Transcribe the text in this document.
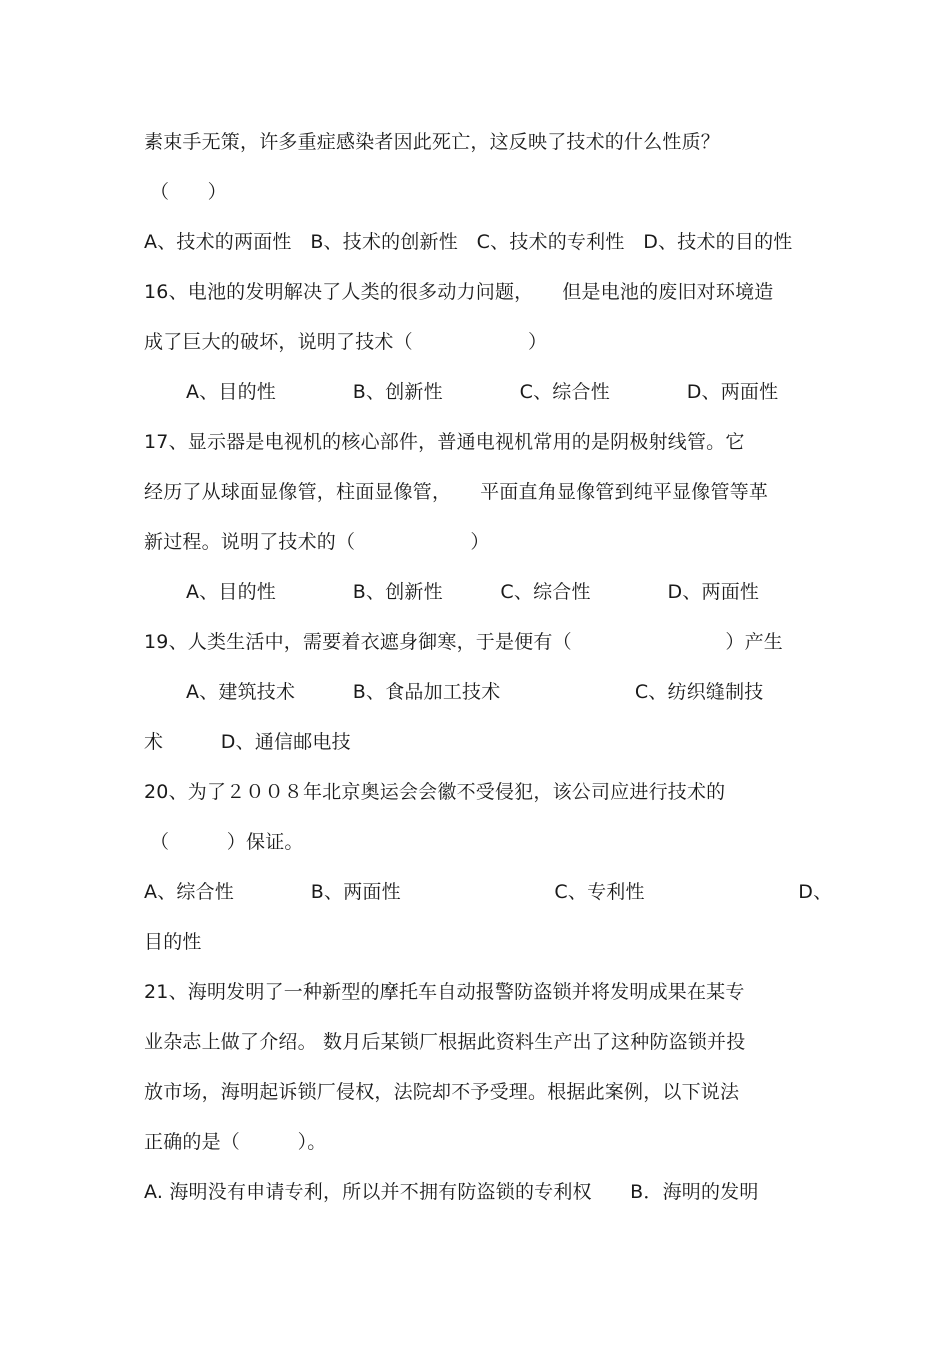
素束手无策，许多重症感染者因此死亡，这反映了技术的什么性质？
（　　）
A、技术的两面性   B、技术的创新性   C、技术的专利性   D、技术的目的性
16、电池的发明解决了人类的很多动力问题，　　但是电池的废旧对环境造
成了巨大的破坏，说明了技术（　　　　　　）
A、目的性　　　　B、创新性　　　　C、综合性　　　　D、两面性
17、显示器是电视机的核心部件，普通电视机常用的是阴极射线管。它
经历了从球面显像管，柱面显像管，　　平面直角显像管到纯平显像管等革
新过程。说明了技术的（　　　　　　）
A、目的性　　　　B、创新性　　　C、综合性　　　　D、两面性
19、人类生活中，需要着衣遮身御寒，于是便有（　　　　　　　　）产生
A、建筑技术　　　B、食品加工技术　　　　　　　C、纺织缝制技
术　　　D、通信邮电技
20、为了２００８年北京奥运会会徽不受侵犯，该公司应进行技术的
（　　　）保证。
A、综合性　　　　B、两面性　　　　　　　　C、专利性　　　　　　　　D、
目的性
21、海明发明了一种新型的摩托车自动报警防盗锁并将发明成果在某专
业杂志上做了介绍。 数月后某锁厂根据此资料生产出了这种防盗锁并投
放市场，海明起诉锁厂侵权，法院却不予受理。根据此案例，以下说法
正确的是（　　　）。
A. 海明没有申请专利，所以并不拥有防盗锁的专利权　　B．海明的发明
